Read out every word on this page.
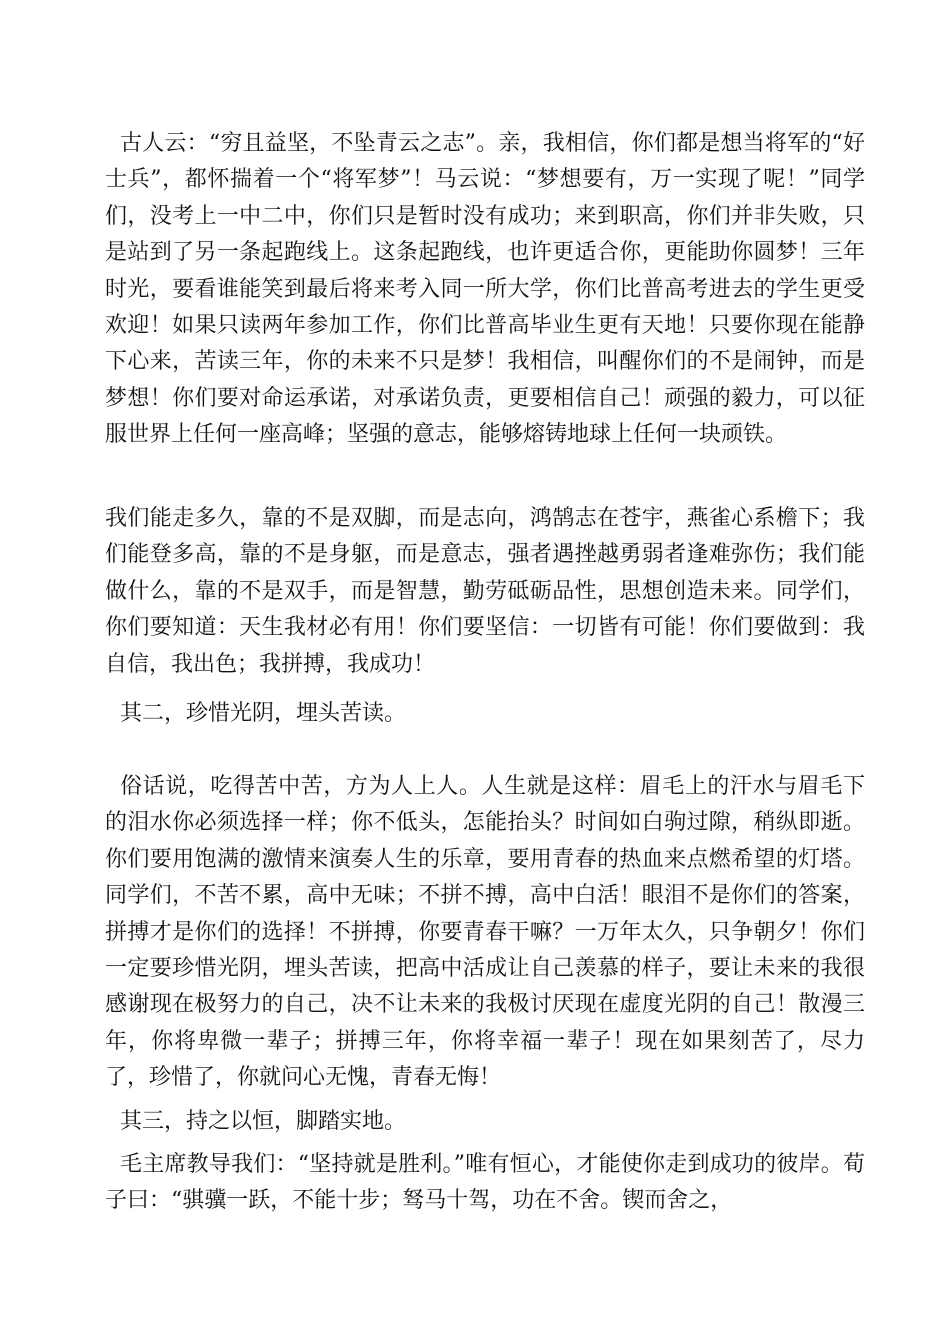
古人云：“穷且益坚，不坠青云之志”。亲，我相信，你们都是想当将军的“好士兵”，都怀揣着一个“将军梦”！马云说：“梦想要有，万一实现了呢！”同学们，没考上一中二中，你们只是暂时没有成功；来到职高，你们并非失败，只是站到了另一条起跑线上。这条起跑线，也许更适合你，更能助你圆梦！三年时光，要看谁能笑到最后将来考入同一所大学，你们比普高考进去的学生更受欢迎！如果只读两年参加工作，你们比普高毕业生更有天地！只要你现在能静下心来，苦读三年，你的未来不只是梦！我相信，叫醒你们的不是闹钟，而是梦想！你们要对命运承诺，对承诺负责，更要相信自己！顽强的毅力，可以征服世界上任何一座高峰；坚强的意志，能够熔铸地球上任何一块顽铁。

我们能走多久，靠的不是双脚，而是志向，鸿鹄志在苍宇，燕雀心系檐下；我们能登多高，靠的不是身躯，而是意志，强者遇挫越勇弱者逢难弥伤；我们能做什么，靠的不是双手，而是智慧，勤劳砥砺品性，思想创造未来。同学们，你们要知道：天生我材必有用！你们要坚信：一切皆有可能！你们要做到：我自信，我出色；我拼搏，我成功！

其二，珍惜光阴，埋头苦读。

俗话说，吃得苦中苦，方为人上人。人生就是这样：眉毛上的汗水与眉毛下的泪水你必须选择一样；你不低头，怎能抬头？时间如白驹过隙，稍纵即逝。你们要用饱满的激情来演奏人生的乐章，要用青春的热血来点燃希望的灯塔。同学们，不苦不累，高中无味；不拼不搏，高中白活！眼泪不是你们的答案，拼搏才是你们的选择！不拼搏，你要青春干嘛？一万年太久，只争朝夕！你们一定要珍惜光阴，埋头苦读，把高中活成让自己羡慕的样子，要让未来的我很感谢现在极努力的自己，决不让未来的我极讨厌现在虚度光阴的自己！散漫三年，你将卑微一辈子；拼搏三年，你将幸福一辈子！现在如果刻苦了，尽力了，珍惜了，你就问心无愧，青春无悔！

其三，持之以恒，脚踏实地。

毛主席教导我们：“坚持就是胜利。”唯有恒心，才能使你走到成功的彼岸。荀子曰：“骐骥一跃，不能十步；驽马十驾，功在不舍。锲而舍之，
